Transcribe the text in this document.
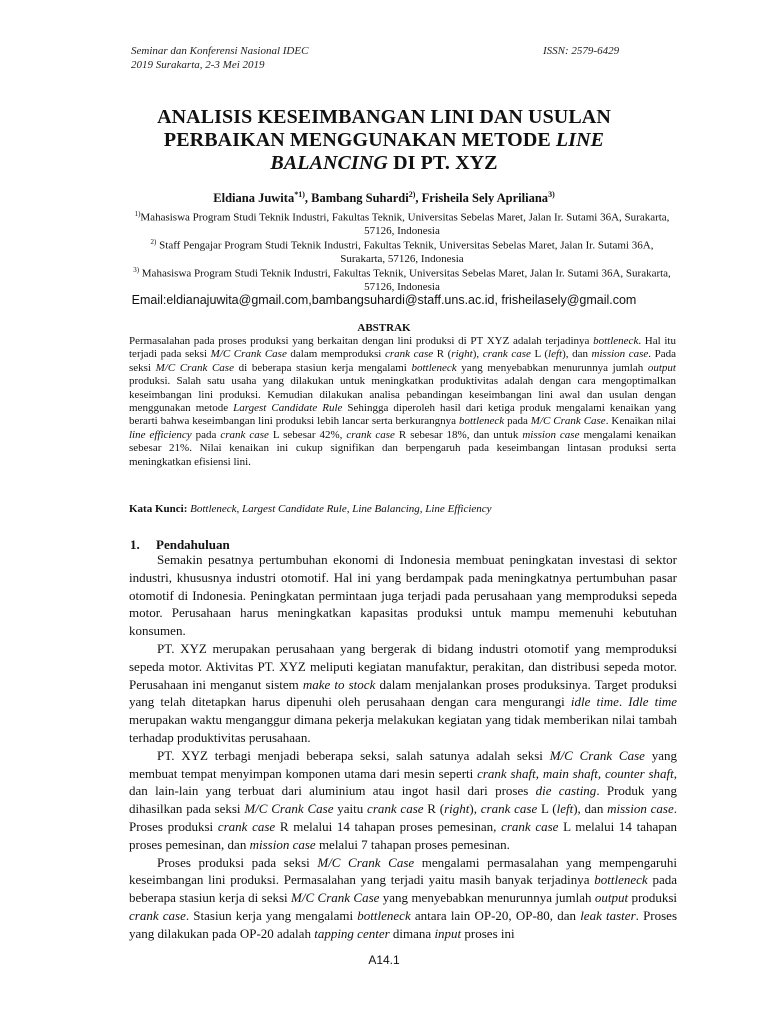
Seminar dan Konferensi Nasional IDEC
2019 Surakarta, 2-3 Mei 2019
ISSN: 2579-6429
ANALISIS KESEIMBANGAN LINI DAN USULAN
PERBAIKAN MENGGUNAKAN METODE LINE
BALANCING DI PT. XYZ
Eldiana Juwita$^{*1)}$, Bambang Suhardi$^{2)}$, Frisheila Sely Apriliana$^{3)}$
$^{1)}$Mahasiswa Program Studi Teknik Industri, Fakultas Teknik, Universitas Sebelas Maret, Jalan Ir. Sutami 36A, Surakarta, 57126, Indonesia
$^{2)}$ Staff Pengajar Program Studi Teknik Industri, Fakultas Teknik, Universitas Sebelas Maret, Jalan Ir. Sutami 36A, Surakarta, 57126, Indonesia
$^{3)}$ Mahasiswa Program Studi Teknik Industri, Fakultas Teknik, Universitas Sebelas Maret, Jalan Ir. Sutami 36A, Surakarta, 57126, Indonesia
Email:eldianajuwita@gmail.com,bambangsuhardi@staff.uns.ac.id, frisheilasely@gmail.com
ABSTRAK
Permasalahan pada proses produksi yang berkaitan dengan lini produksi di PT XYZ adalah terjadinya bottleneck. Hal itu terjadi pada seksi M/C Crank Case dalam memproduksi crank case R (right), crank case L (left), dan mission case. Pada seksi M/C Crank Case di beberapa stasiun kerja mengalami bottleneck yang menyebabkan menurunnya jumlah output produksi. Salah satu usaha yang dilakukan untuk meningkatkan produktivitas adalah dengan cara mengoptimalkan keseimbangan lini produksi. Kemudian dilakukan analisa pebandingan keseimbangan lini awal dan usulan dengan menggunakan metode Largest Candidate Rule Sehingga diperoleh hasil dari ketiga produk mengalami kenaikan yang berarti bahwa keseimbangan lini produksi lebih lancar serta berkurangnya bottleneck pada M/C Crank Case. Kenaikan nilai line efficiency pada crank case L sebesar 42%, crank case R sebesar 18%, dan untuk mission case mengalami kenaikan sebesar 21%. Nilai kenaikan ini cukup signifikan dan berpengaruh pada keseimbangan lintasan produksi serta meningkatkan efisiensi lini.
Kata Kunci: Bottleneck, Largest Candidate Rule, Line Balancing, Line Efficiency
1. Pendahuluan

Semakin pesatnya pertumbuhan ekonomi di Indonesia membuat peningkatan investasi di sektor industri, khususnya industri otomotif. Hal ini yang berdampak pada meningkatnya pertumbuhan pasar otomotif di Indonesia. Peningkatan permintaan juga terjadi pada perusahaan yang memproduksi sepeda motor. Perusahaan harus meningkatkan kapasitas produksi untuk mampu memenuhi kebutuhan konsumen.

PT. XYZ merupakan perusahaan yang bergerak di bidang industri otomotif yang memproduksi sepeda motor. Aktivitas PT. XYZ meliputi kegiatan manufaktur, perakitan, dan distribusi sepeda motor. Perusahaan ini menganut sistem make to stock dalam menjalankan proses produksinya. Target produksi yang telah ditetapkan harus dipenuhi oleh perusahaan dengan cara mengurangi idle time. Idle time merupakan waktu menganggur dimana pekerja melakukan kegiatan yang tidak memberikan nilai tambah terhadap produktivitas perusahaan.

PT. XYZ terbagi menjadi beberapa seksi, salah satunya adalah seksi M/C Crank Case yang membuat tempat menyimpan komponen utama dari mesin seperti crank shaft, main shaft, counter shaft, dan lain-lain yang terbuat dari aluminium atau ingot hasil dari proses die casting. Produk yang dihasilkan pada seksi M/C Crank Case yaitu crank case R (right), crank case L (left), dan mission case. Proses produksi crank case R melalui 14 tahapan proses pemesinan, crank case L melalui 14 tahapan proses pemesinan, dan mission case melalui 7 tahapan proses pemesinan.

Proses produksi pada seksi M/C Crank Case mengalami permasalahan yang mempengaruhi keseimbangan lini produksi. Permasalahan yang terjadi yaitu masih banyak terjadinya bottleneck pada beberapa stasiun kerja di seksi M/C Crank Case yang menyebabkan menurunnya jumlah output produksi crank case. Stasiun kerja yang mengalami bottleneck antara lain OP-20, OP-80, dan leak taster. Proses yang dilakukan pada OP-20 adalah tapping center dimana input proses ini

A14.1
